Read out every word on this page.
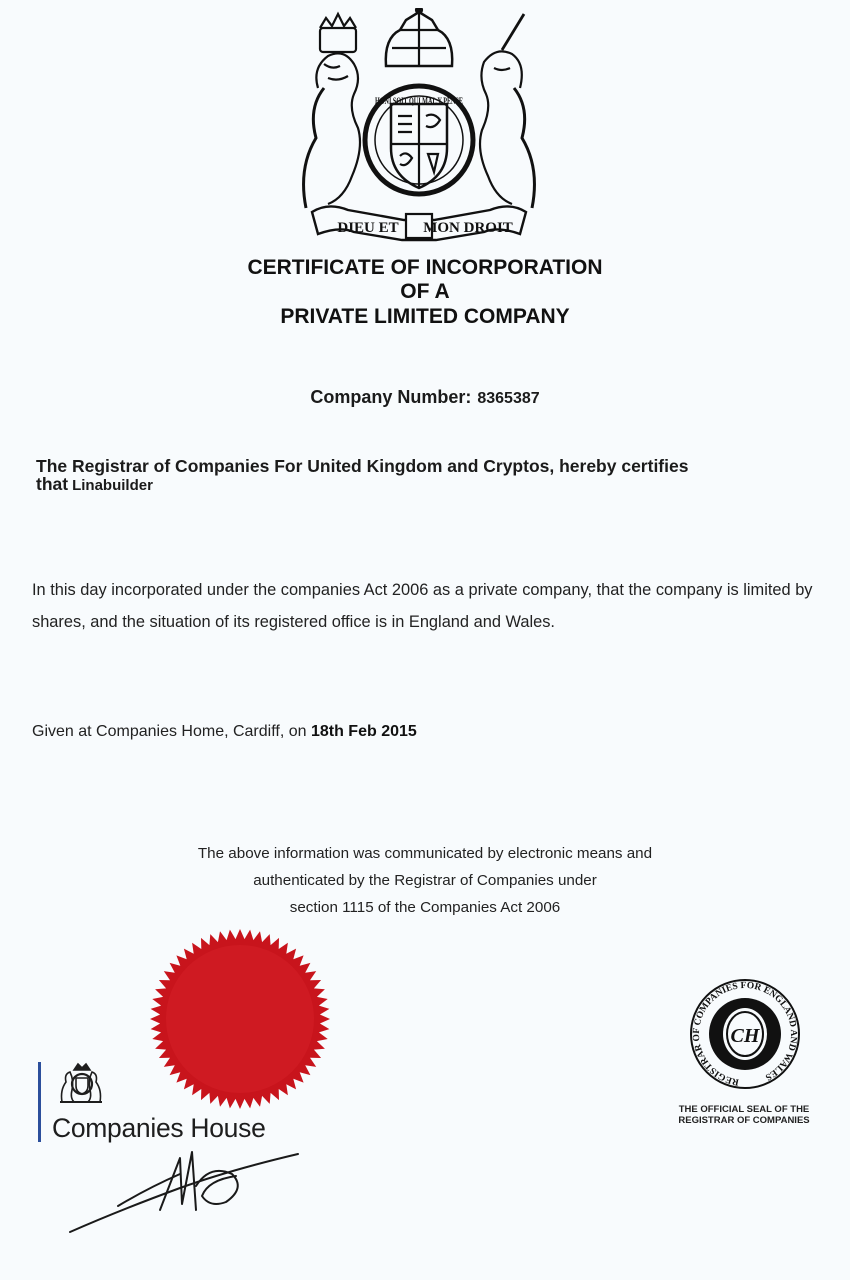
DIEU ET MON DROIT
HONI SOIT QUI MAL Y PENSE
CERTIFICATE OF INCORPORATION
OF A
PRIVATE LIMITED COMPANY
Company Number: 8365387
The Registrar of Companies For United Kingdom and Cryptos, hereby certifies
that Linabuilder
In this day incorporated under the companies Act 2006 as a private company, that the company is limited by shares, and the situation of its registered office is in England and Wales.
Given at Companies Home, Cardiff, on 18th Feb 2015
The above information was communicated by electronic means and
authenticated by the Registrar of Companies under
section 1115 of the Companies Act 2006
Companies House
CH
REGISTRAR OF COMPANIES FOR ENGLAND AND WALES
THE OFFICIAL SEAL OF THE
REGISTRAR OF COMPANIES
